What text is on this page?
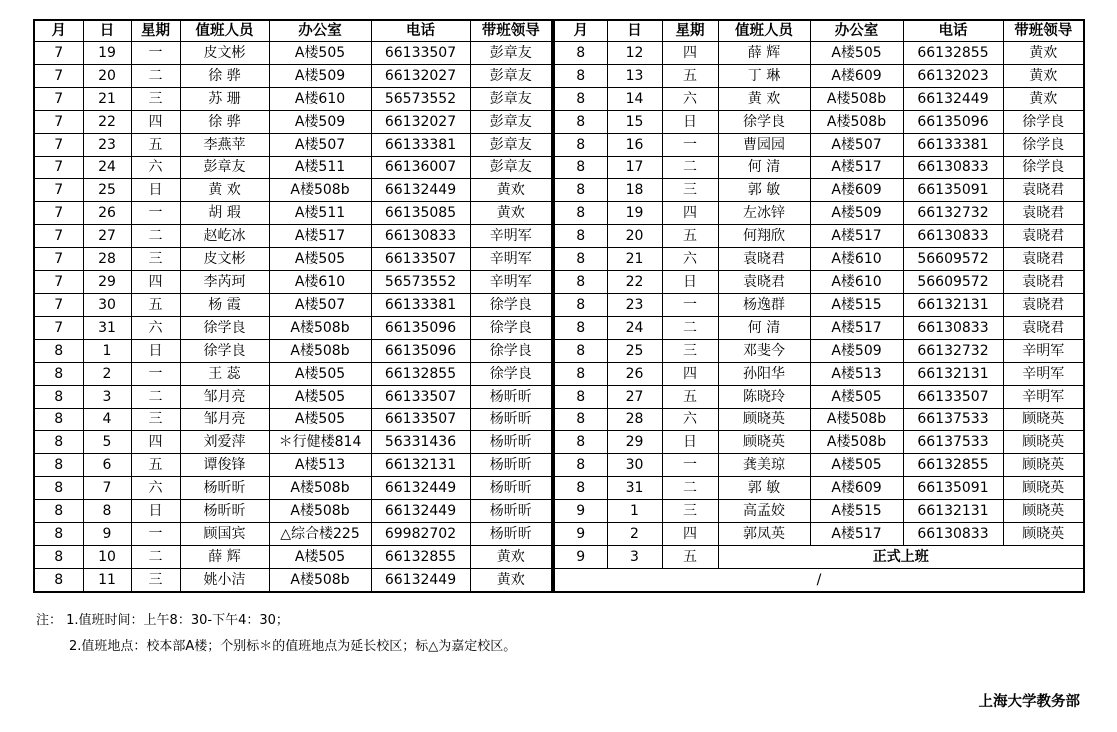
月	日	星期	值班人员	办公室	电话	带班领导
7	19	一	皮文彬	A楼505	66133507	彭章友
7	20	二	徐 骅	A楼509	66132027	彭章友
7	21	三	苏 珊	A楼610	56573552	彭章友
7	22	四	徐 骅	A楼509	66132027	彭章友
7	23	五	李燕苹	A楼507	66133381	彭章友
7	24	六	彭章友	A楼511	66136007	彭章友
7	25	日	黄 欢	A楼508b	66132449	黄欢
7	26	一	胡 瑕	A楼511	66135085	黄欢
7	27	二	赵屹冰	A楼517	66130833	辛明军
7	28	三	皮文彬	A楼505	66133507	辛明军
7	29	四	李芮珂	A楼610	56573552	辛明军
7	30	五	杨 霞	A楼507	66133381	徐学良
7	31	六	徐学良	A楼508b	66135096	徐学良
8	1	日	徐学良	A楼508b	66135096	徐学良
8	2	一	王 蕊	A楼505	66132855	徐学良
8	3	二	邹月亮	A楼505	66133507	杨昕昕
8	4	三	邹月亮	A楼505	66133507	杨昕昕
8	5	四	刘爱萍	＊行健楼814	56331436	杨昕昕
8	6	五	谭俊锋	A楼513	66132131	杨昕昕
8	7	六	杨昕昕	A楼508b	66132449	杨昕昕
8	8	日	杨昕昕	A楼508b	66132449	杨昕昕
8	9	一	顾国宾	△综合楼225	69982702	杨昕昕
8	10	二	薛 辉	A楼505	66132855	黄欢
8	11	三	姚小洁	A楼508b	66132449	黄欢
月	日	星期	值班人员	办公室	电话	带班领导
8	12	四	薛 辉	A楼505	66132855	黄欢
8	13	五	丁 琳	A楼609	66132023	黄欢
8	14	六	黄 欢	A楼508b	66132449	黄欢
8	15	日	徐学良	A楼508b	66135096	徐学良
8	16	一	曹园园	A楼507	66133381	徐学良
8	17	二	何 清	A楼517	66130833	徐学良
8	18	三	郭 敏	A楼609	66135091	袁晓君
8	19	四	左冰锌	A楼509	66132732	袁晓君
8	20	五	何翔欣	A楼517	66130833	袁晓君
8	21	六	袁晓君	A楼610	56609572	袁晓君
8	22	日	袁晓君	A楼610	56609572	袁晓君
8	23	一	杨逸群	A楼515	66132131	袁晓君
8	24	二	何 清	A楼517	66130833	袁晓君
8	25	三	邓斐今	A楼509	66132732	辛明军
8	26	四	孙阳华	A楼513	66132131	辛明军
8	27	五	陈晓玲	A楼505	66133507	辛明军
8	28	六	顾晓英	A楼508b	66137533	顾晓英
8	29	日	顾晓英	A楼508b	66137533	顾晓英
8	30	一	龚美琼	A楼505	66132855	顾晓英
8	31	二	郭 敏	A楼609	66135091	顾晓英
9	1	三	高孟姣	A楼515	66132131	顾晓英
9	2	四	郭凤英	A楼517	66130833	顾晓英
9	3	五	正式上班			
/						
注： 1.值班时间：上午8：30-下午4：30；
2.值班地点：校本部A楼；个别标＊的值班地点为延长校区；标△为嘉定校区。
上海大学教务部
